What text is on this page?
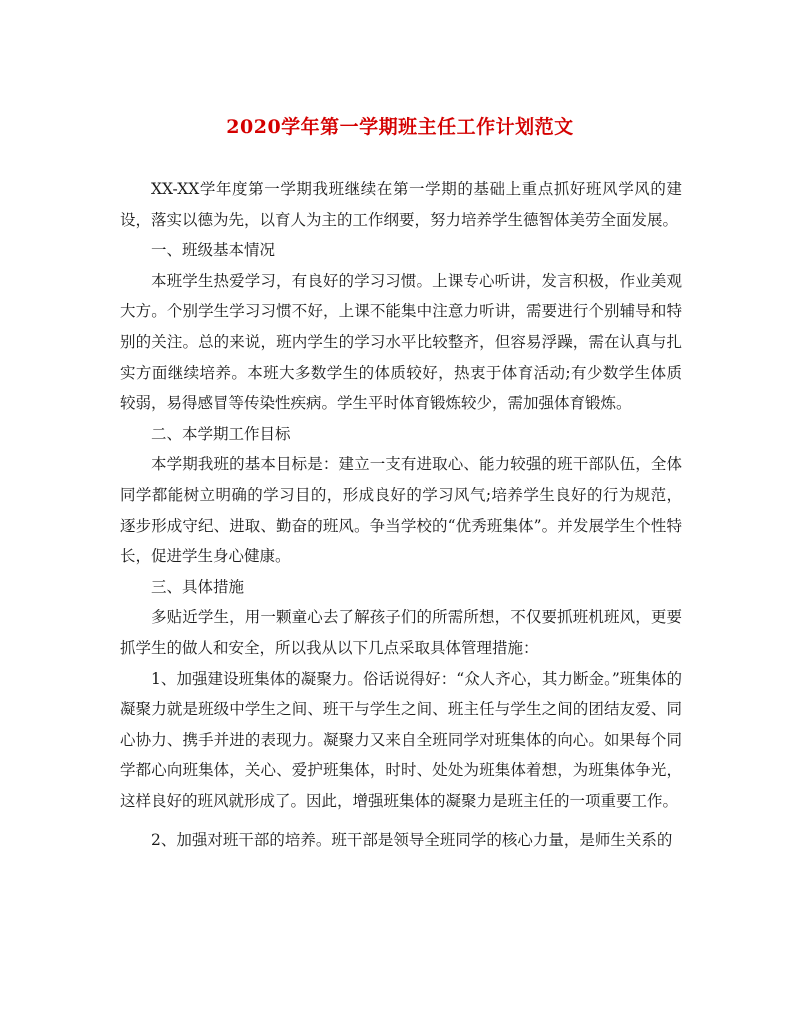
2020学年第一学期班主任工作计划范文

XX-XX学年度第一学期我班继续在第一学期的基础上重点抓好班风学风的建设，落实以德为先，以育人为主的工作纲要，努力培养学生德智体美劳全面发展。

一、班级基本情况

本班学生热爱学习，有良好的学习习惯。上课专心听讲，发言积极，作业美观大方。个别学生学习习惯不好，上课不能集中注意力听讲，需要进行个别辅导和特别的关注。总的来说，班内学生的学习水平比较整齐，但容易浮躁，需在认真与扎实方面继续培养。本班大多数学生的体质较好，热衷于体育活动;有少数学生体质较弱，易得感冒等传染性疾病。学生平时体育锻炼较少，需加强体育锻炼。

二、本学期工作目标

本学期我班的基本目标是：建立一支有进取心、能力较强的班干部队伍，全体同学都能树立明确的学习目的，形成良好的学习风气;培养学生良好的行为规范，逐步形成守纪、进取、勤奋的班风。争当学校的“优秀班集体”。并发展学生个性特长，促进学生身心健康。

三、具体措施

多贴近学生，用一颗童心去了解孩子们的所需所想，不仅要抓班机班风，更要抓学生的做人和安全，所以我从以下几点采取具体管理措施：

1、加强建设班集体的凝聚力。俗话说得好：“众人齐心，其力断金。”班集体的凝聚力就是班级中学生之间、班干与学生之间、班主任与学生之间的团结友爱、同心协力、携手并进的表现力。凝聚力又来自全班同学对班集体的向心。如果每个同学都心向班集体，关心、爱护班集体，时时、处处为班集体着想，为班集体争光，这样良好的班风就形成了。因此，增强班集体的凝聚力是班主任的一项重要工作。

2、加强对班干部的培养。班干部是领导全班同学的核心力量，是师生关系的
